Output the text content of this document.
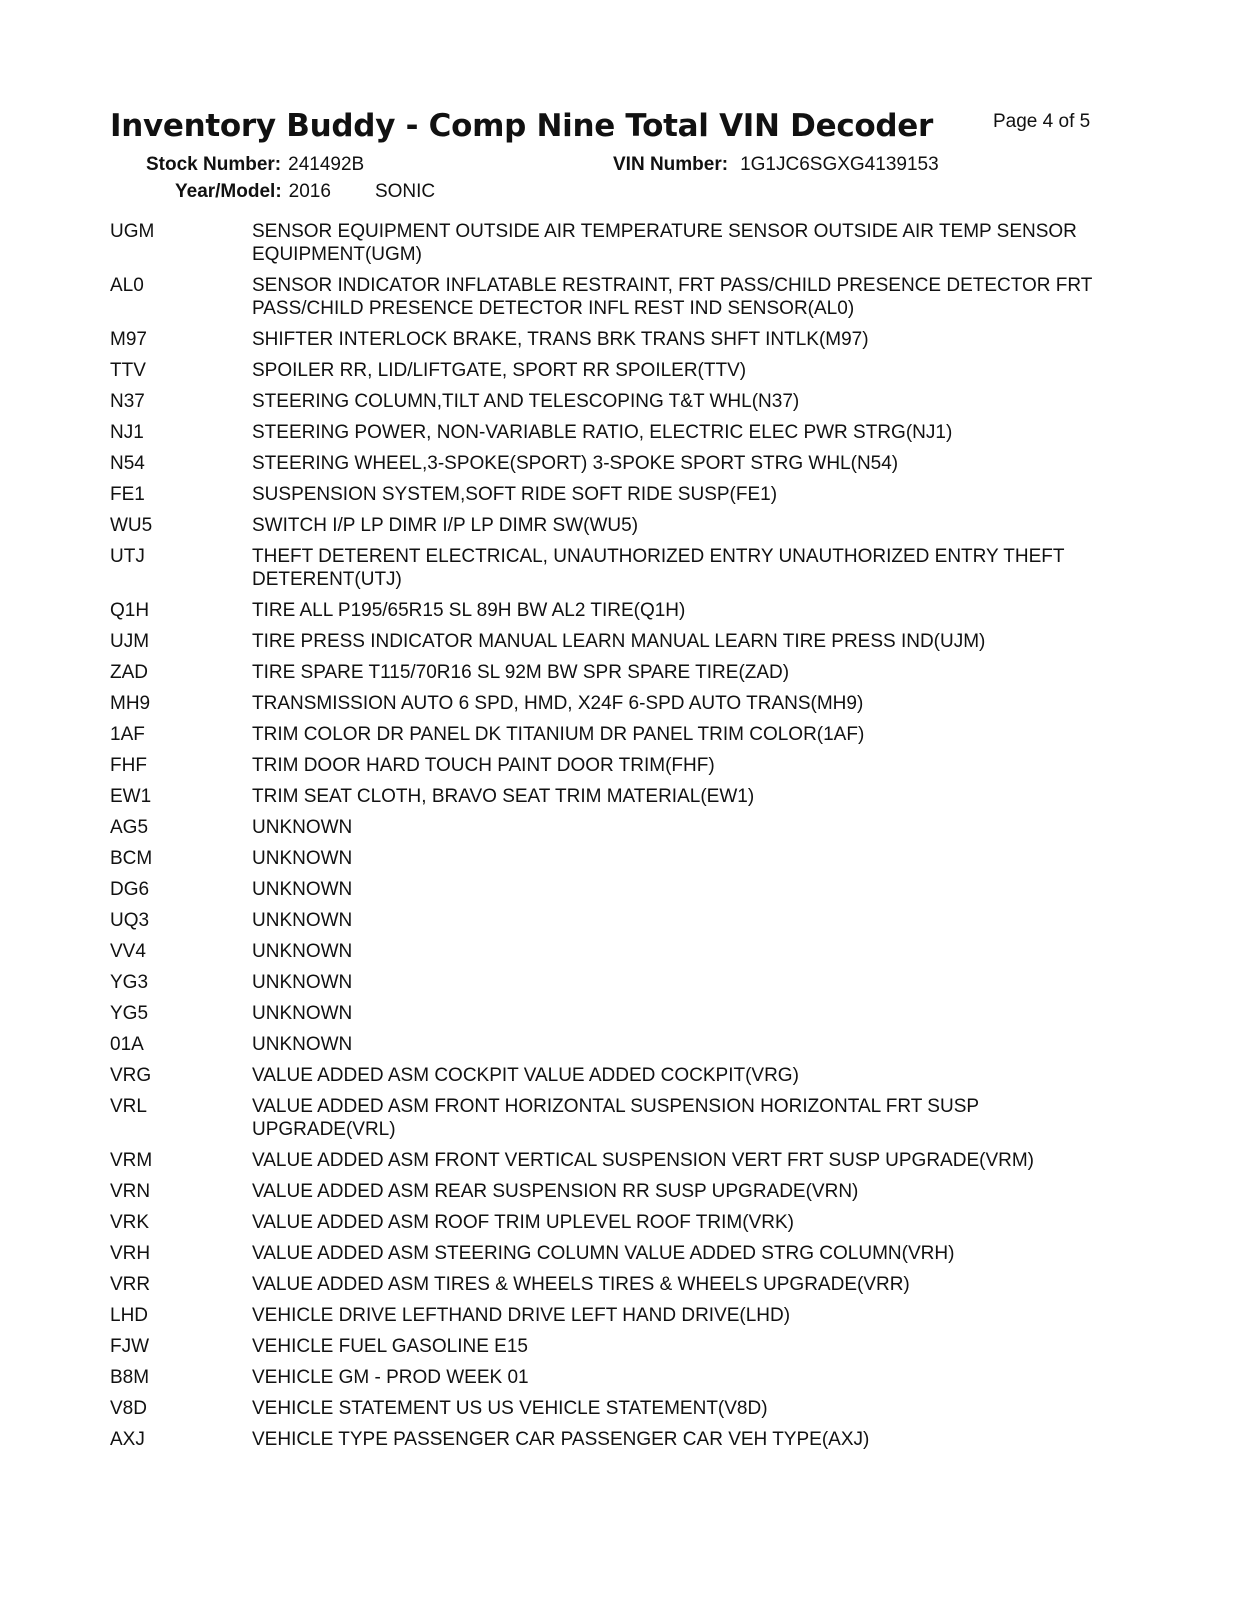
Inventory Buddy - Comp Nine Total VIN Decoder	Page 4 of 5
Stock Number: 241492B	VIN Number: 1G1JC6SGXG4139153
Year/Model: 2016 SONIC
UGM	SENSOR EQUIPMENT OUTSIDE AIR TEMPERATURE SENSOR OUTSIDE AIR TEMP SENSOR EQUIPMENT(UGM)
AL0	SENSOR INDICATOR INFLATABLE RESTRAINT, FRT PASS/CHILD PRESENCE DETECTOR FRT PASS/CHILD PRESENCE DETECTOR INFL REST IND SENSOR(AL0)
M97	SHIFTER INTERLOCK BRAKE, TRANS BRK TRANS SHFT INTLK(M97)
TTV	SPOILER RR, LID/LIFTGATE, SPORT RR SPOILER(TTV)
N37	STEERING COLUMN,TILT AND TELESCOPING T&T WHL(N37)
NJ1	STEERING POWER, NON-VARIABLE RATIO, ELECTRIC ELEC PWR STRG(NJ1)
N54	STEERING WHEEL,3-SPOKE(SPORT) 3-SPOKE SPORT STRG WHL(N54)
FE1	SUSPENSION SYSTEM,SOFT RIDE SOFT RIDE SUSP(FE1)
WU5	SWITCH I/P LP DIMR I/P LP DIMR SW(WU5)
UTJ	THEFT DETERENT ELECTRICAL, UNAUTHORIZED ENTRY UNAUTHORIZED ENTRY THEFT DETERENT(UTJ)
Q1H	TIRE ALL P195/65R15 SL 89H BW AL2 TIRE(Q1H)
UJM	TIRE PRESS INDICATOR MANUAL LEARN MANUAL LEARN TIRE PRESS IND(UJM)
ZAD	TIRE SPARE T115/70R16 SL 92M BW SPR SPARE TIRE(ZAD)
MH9	TRANSMISSION AUTO 6 SPD, HMD, X24F 6-SPD AUTO TRANS(MH9)
1AF	TRIM COLOR DR PANEL DK TITANIUM DR PANEL TRIM COLOR(1AF)
FHF	TRIM DOOR HARD TOUCH PAINT DOOR TRIM(FHF)
EW1	TRIM SEAT CLOTH, BRAVO SEAT TRIM MATERIAL(EW1)
AG5	UNKNOWN
BCM	UNKNOWN
DG6	UNKNOWN
UQ3	UNKNOWN
VV4	UNKNOWN
YG3	UNKNOWN
YG5	UNKNOWN
01A	UNKNOWN
VRG	VALUE ADDED ASM COCKPIT VALUE ADDED COCKPIT(VRG)
VRL	VALUE ADDED ASM FRONT HORIZONTAL SUSPENSION HORIZONTAL FRT SUSP UPGRADE(VRL)
VRM	VALUE ADDED ASM FRONT VERTICAL SUSPENSION VERT FRT SUSP UPGRADE(VRM)
VRN	VALUE ADDED ASM REAR SUSPENSION RR SUSP UPGRADE(VRN)
VRK	VALUE ADDED ASM ROOF TRIM UPLEVEL ROOF TRIM(VRK)
VRH	VALUE ADDED ASM STEERING COLUMN VALUE ADDED STRG COLUMN(VRH)
VRR	VALUE ADDED ASM TIRES & WHEELS TIRES & WHEELS UPGRADE(VRR)
LHD	VEHICLE DRIVE LEFTHAND DRIVE LEFT HAND DRIVE(LHD)
FJW	VEHICLE FUEL GASOLINE E15
B8M	VEHICLE GM - PROD WEEK 01
V8D	VEHICLE STATEMENT US US VEHICLE STATEMENT(V8D)
AXJ	VEHICLE TYPE PASSENGER CAR PASSENGER CAR VEH TYPE(AXJ)
